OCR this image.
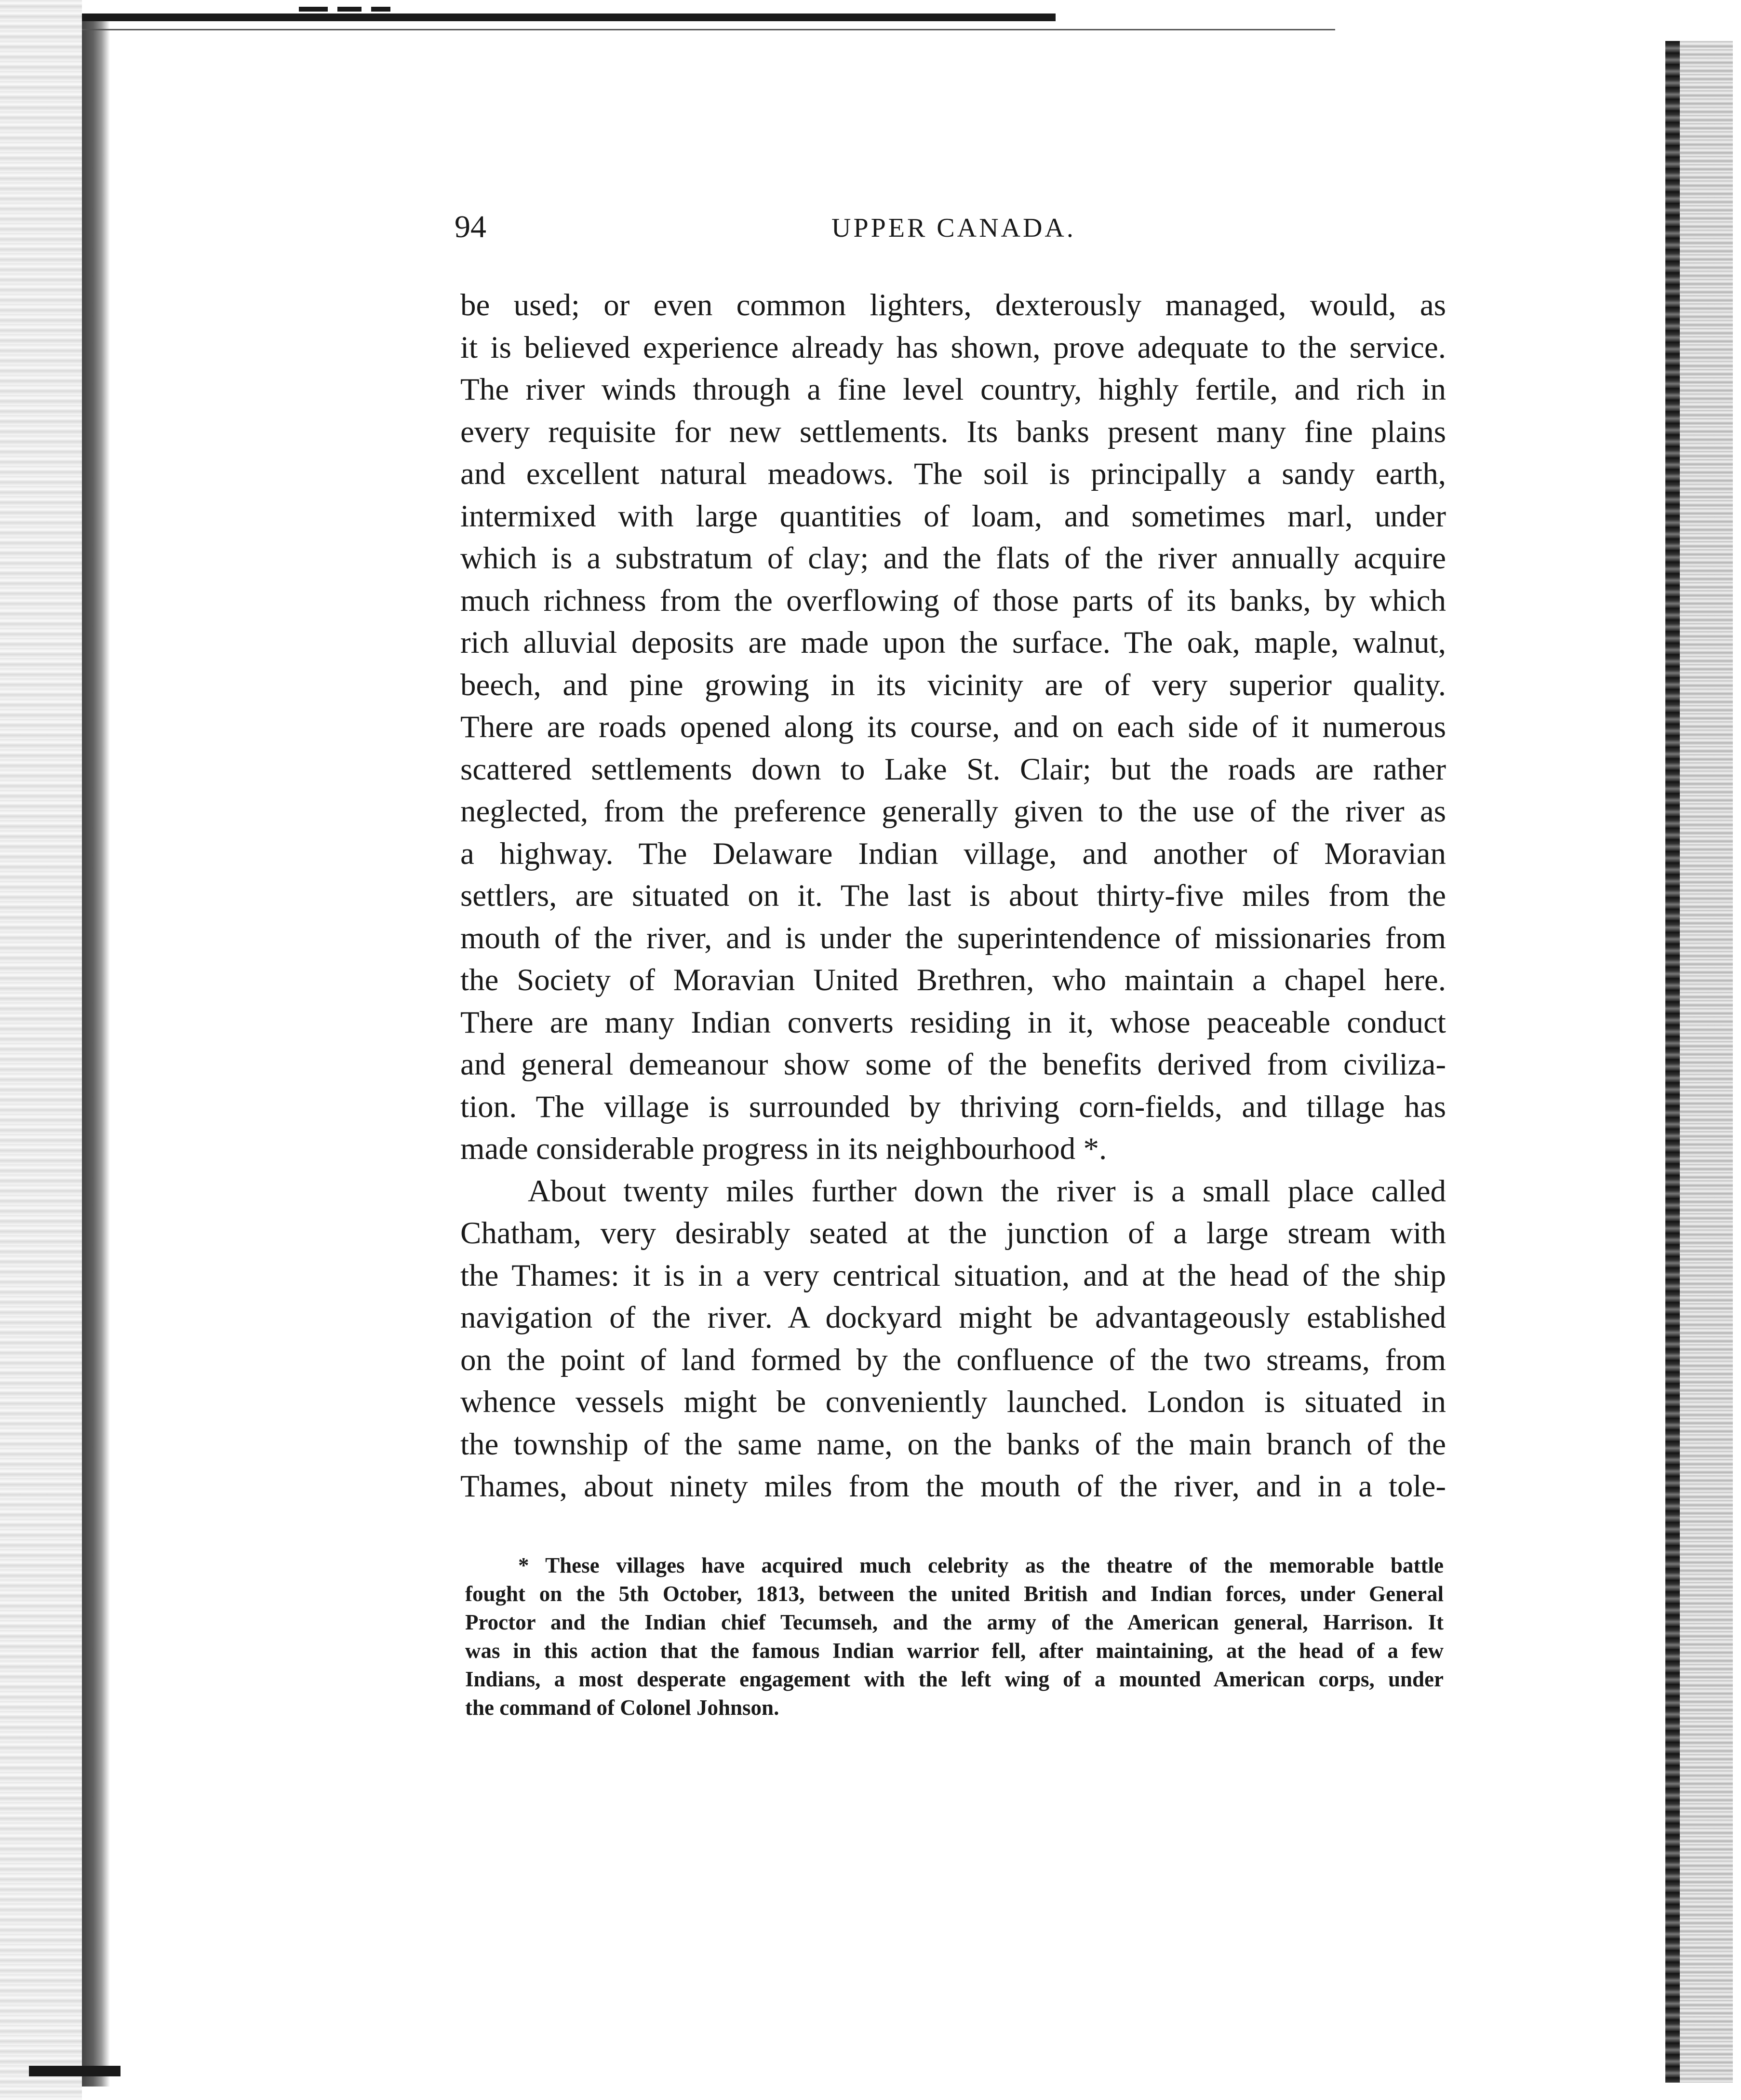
94	UPPER CANADA.
be used; or even common lighters, dexterously managed, would, as
it is believed experience already has shown, prove adequate to the service.
The river winds through a fine level country, highly fertile, and rich in
every requisite for new settlements. Its banks present many fine plains
and excellent natural meadows. The soil is principally a sandy earth,
intermixed with large quantities of loam, and sometimes marl, under
which is a substratum of clay; and the flats of the river annually acquire
much richness from the overflowing of those parts of its banks, by which
rich alluvial deposits are made upon the surface. The oak, maple, walnut,
beech, and pine growing in its vicinity are of very superior quality.
There are roads opened along its course, and on each side of it numerous
scattered settlements down to Lake St. Clair; but the roads are rather
neglected, from the preference generally given to the use of the river as
a highway. The Delaware Indian village, and another of Moravian
settlers, are situated on it. The last is about thirty-five miles from the
mouth of the river, and is under the superintendence of missionaries from
the Society of Moravian United Brethren, who maintain a chapel here.
There are many Indian converts residing in it, whose peaceable conduct
and general demeanour show some of the benefits derived from civiliza-
tion. The village is surrounded by thriving corn-fields, and tillage has
made considerable progress in its neighbourhood *.
About twenty miles further down the river is a small place called
Chatham, very desirably seated at the junction of a large stream with
the Thames: it is in a very centrical situation, and at the head of the ship
navigation of the river. A dockyard might be advantageously established
on the point of land formed by the confluence of the two streams, from
whence vessels might be conveniently launched. London is situated in
the township of the same name, on the banks of the main branch of the
Thames, about ninety miles from the mouth of the river, and in a tole-
* These villages have acquired much celebrity as the theatre of the memorable battle
fought on the 5th October, 1813, between the united British and Indian forces, under General
Proctor and the Indian chief Tecumseh, and the army of the American general, Harrison. It
was in this action that the famous Indian warrior fell, after maintaining, at the head of a few
Indians, a most desperate engagement with the left wing of a mounted American corps, under
the command of Colonel Johnson.
